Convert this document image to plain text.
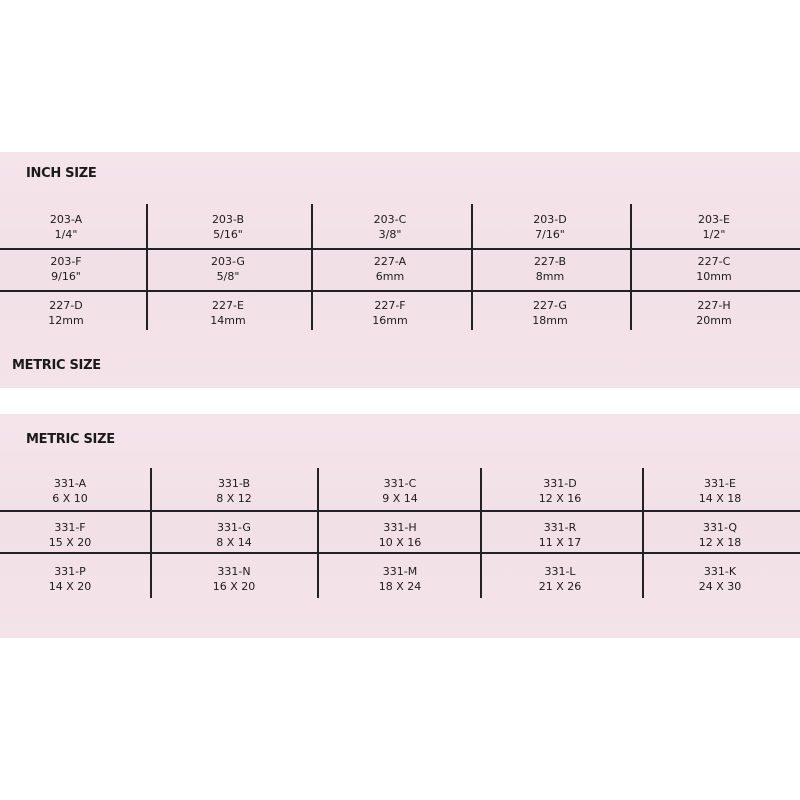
INCH SIZE
203-A
1/4"
203-B
5/16"
203-C
3/8"
203-D
7/16"
203-E
1/2"
203-F
9/16"
203-G
5/8"
227-A
6mm
227-B
8mm
227-C
10mm
227-D
12mm
227-E
14mm
227-F
16mm
227-G
18mm
227-H
20mm
METRIC SIZE

METRIC SIZE
331-A
6 X 10
331-B
8 X 12
331-C
9 X 14
331-D
12 X 16
331-E
14 X 18
331-F
15 X 20
331-G
8 X 14
331-H
10 X 16
331-R
11 X 17
331-Q
12 X 18
331-P
14 X 20
331-N
16 X 20
331-M
18 X 24
331-L
21 X 26
331-K
24 X 30
